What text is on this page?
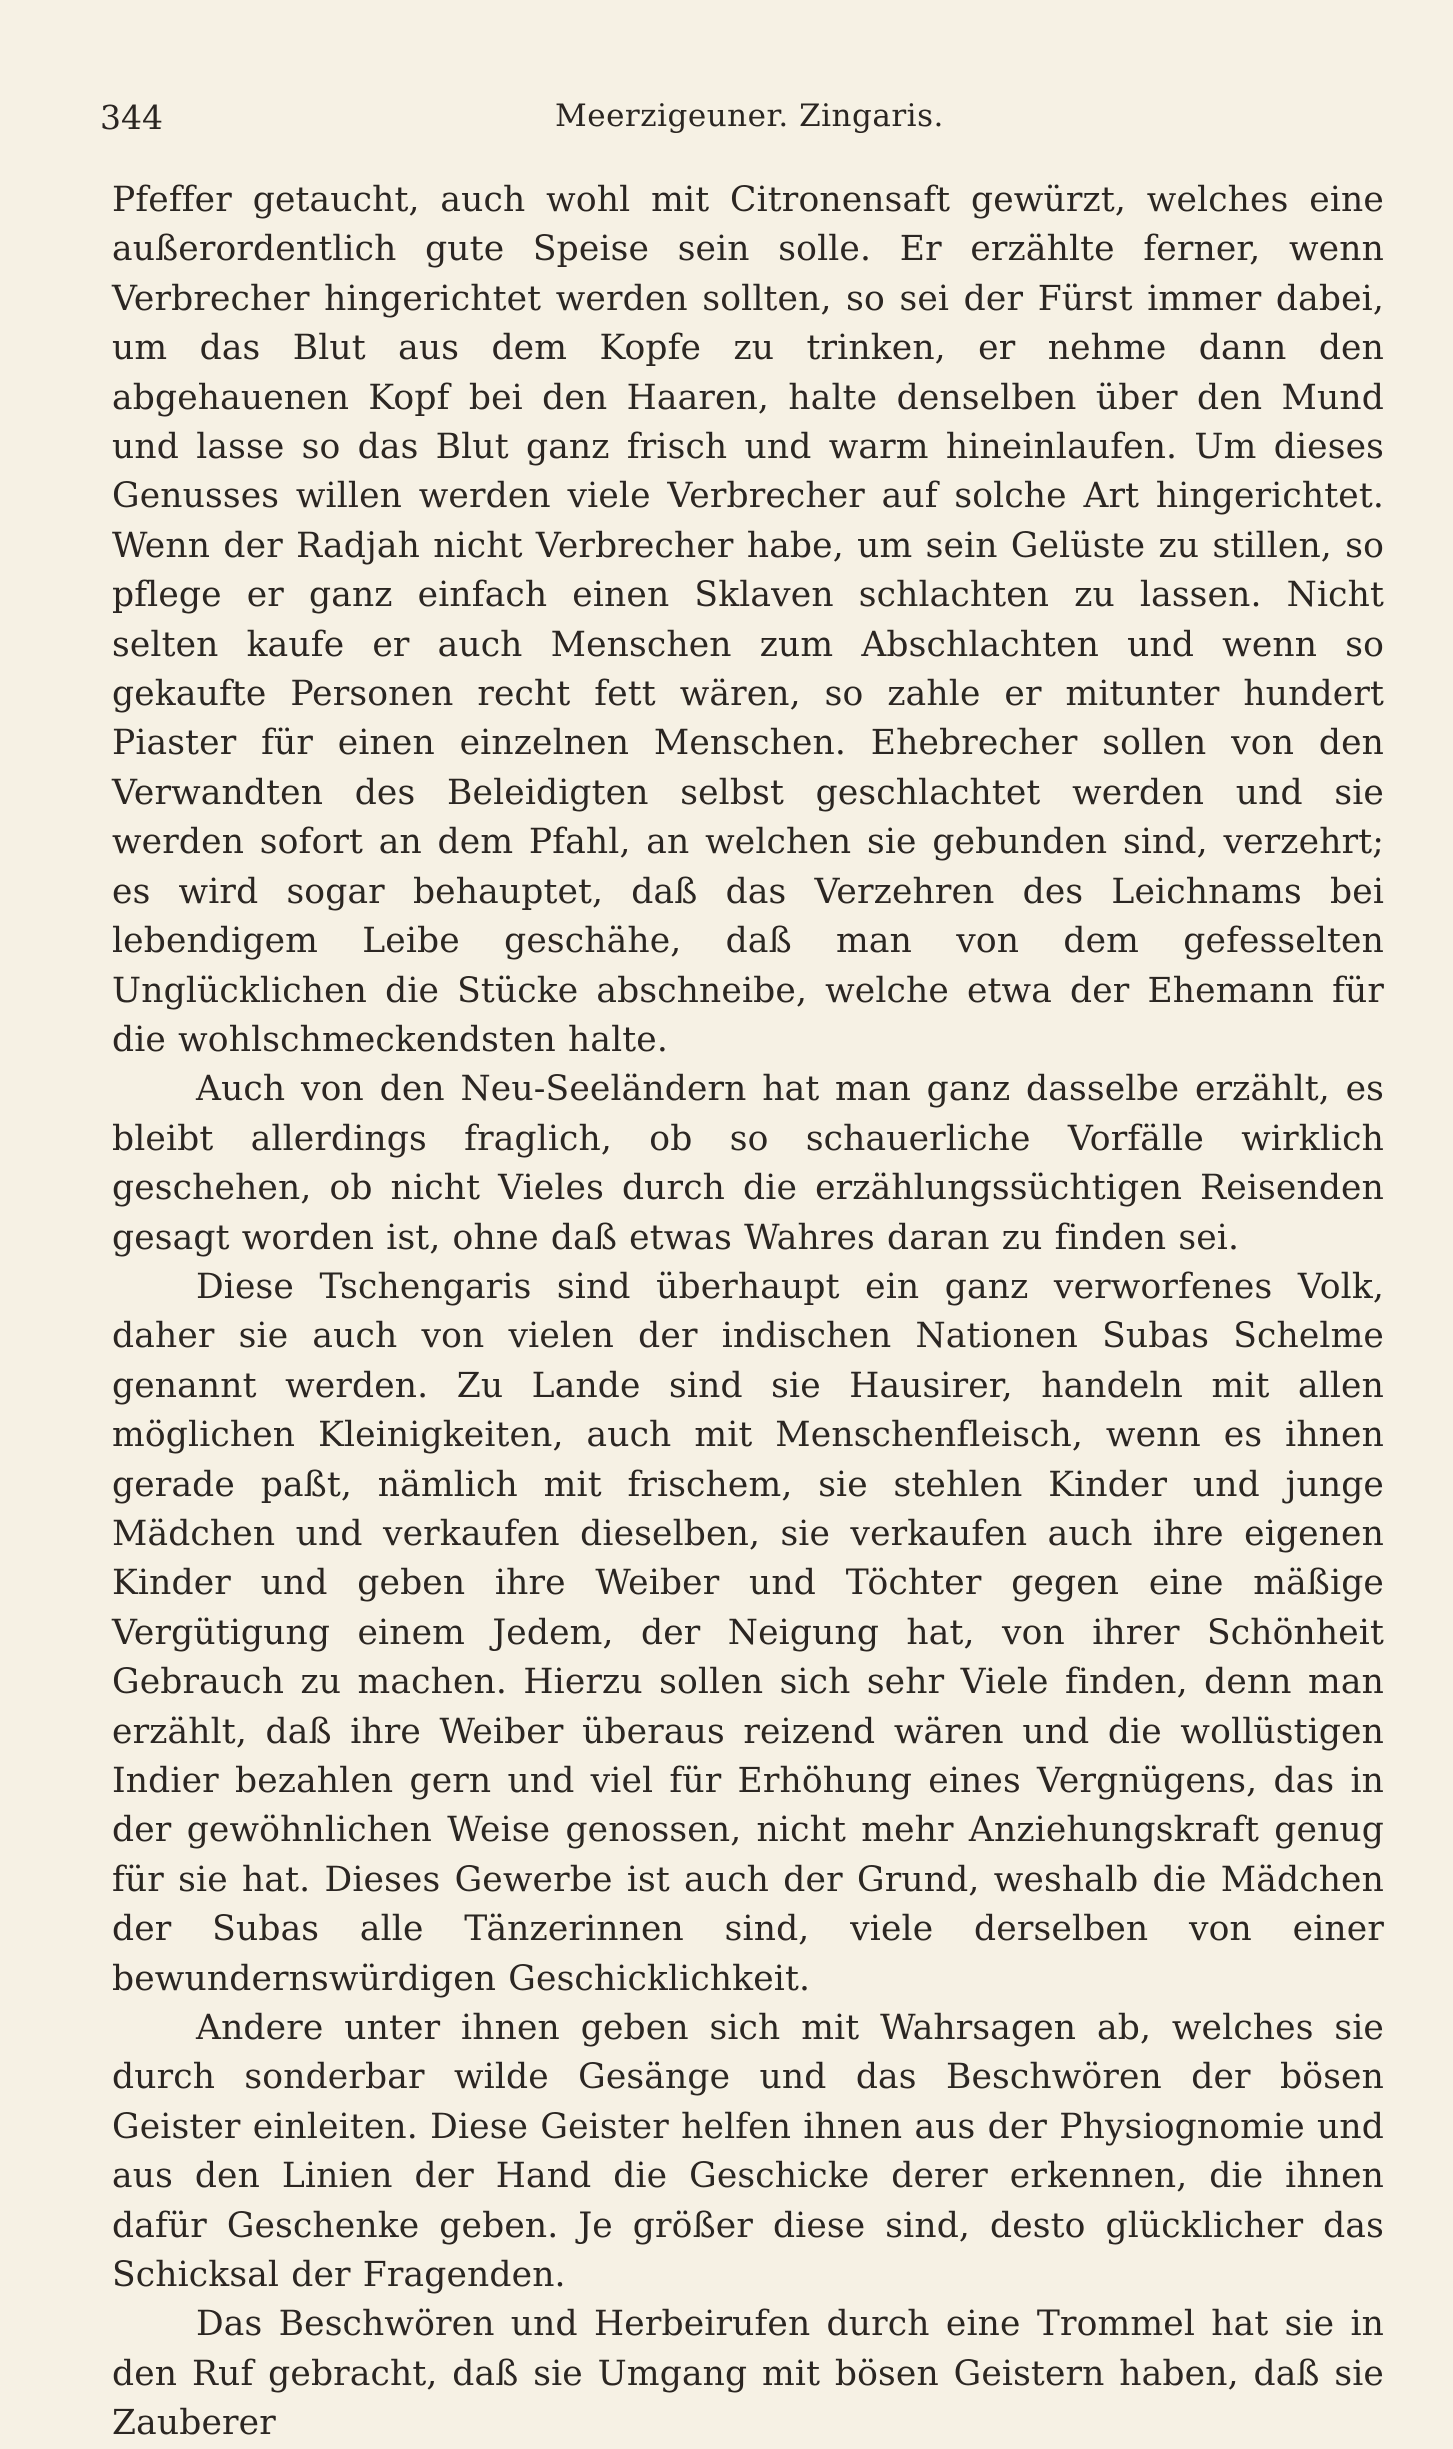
344	Meerzigeuner. Zingaris.

Pfeffer getaucht, auch wohl mit Citronensaft gewürzt, welches eine außerordentlich gute Speise sein solle. Er erzählte ferner, wenn Verbrecher hingerichtet werden sollten, so sei der Fürst immer dabei, um das Blut aus dem Kopfe zu trinken, er nehme dann den abgehauenen Kopf bei den Haaren, halte denselben über den Mund und lasse so das Blut ganz frisch und warm hineinlaufen. Um dieses Genusses willen werden viele Verbrecher auf solche Art hingerichtet. Wenn der Radjah nicht Verbrecher habe, um sein Gelüste zu stillen, so pflege er ganz einfach einen Sklaven schlachten zu lassen. Nicht selten kaufe er auch Menschen zum Abschlachten und wenn so gekaufte Personen recht fett wären, so zahle er mitunter hundert Piaster für einen einzelnen Menschen. Ehebrecher sollen von den Verwandten des Beleidigten selbst geschlachtet werden und sie werden sofort an dem Pfahl, an welchen sie gebunden sind, verzehrt; es wird sogar behauptet, daß das Verzehren des Leichnams bei lebendigem Leibe geschähe, daß man von dem gefesselten Unglücklichen die Stücke abschneibe, welche etwa der Ehemann für die wohlschmeckendsten halte.

Auch von den Neu-Seeländern hat man ganz dasselbe erzählt, es bleibt allerdings fraglich, ob so schauerliche Vorfälle wirklich geschehen, ob nicht Vieles durch die erzählungssüchtigen Reisenden gesagt worden ist, ohne daß etwas Wahres daran zu finden sei.

Diese Tschengaris sind überhaupt ein ganz verworfenes Volk, daher sie auch von vielen der indischen Nationen Subas Schelme genannt werden. Zu Lande sind sie Hausirer, handeln mit allen möglichen Kleinigkeiten, auch mit Menschenfleisch, wenn es ihnen gerade paßt, nämlich mit frischem, sie stehlen Kinder und junge Mädchen und verkaufen dieselben, sie verkaufen auch ihre eigenen Kinder und geben ihre Weiber und Töchter gegen eine mäßige Vergütigung einem Jedem, der Neigung hat, von ihrer Schönheit Gebrauch zu machen. Hierzu sollen sich sehr Viele finden, denn man erzählt, daß ihre Weiber überaus reizend wären und die wollüstigen Indier bezahlen gern und viel für Erhöhung eines Vergnügens, das in der gewöhnlichen Weise genossen, nicht mehr Anziehungskraft genug für sie hat. Dieses Gewerbe ist auch der Grund, weshalb die Mädchen der Subas alle Tänzerinnen sind, viele derselben von einer bewundernswürdigen Geschicklichkeit.

Andere unter ihnen geben sich mit Wahrsagen ab, welches sie durch sonderbar wilde Gesänge und das Beschwören der bösen Geister einleiten. Diese Geister helfen ihnen aus der Physiognomie und aus den Linien der Hand die Geschicke derer erkennen, die ihnen dafür Geschenke geben. Je größer diese sind, desto glücklicher das Schicksal der Fragenden.

Das Beschwören und Herbeirufen durch eine Trommel hat sie in den Ruf gebracht, daß sie Umgang mit bösen Geistern haben, daß sie Zauberer
